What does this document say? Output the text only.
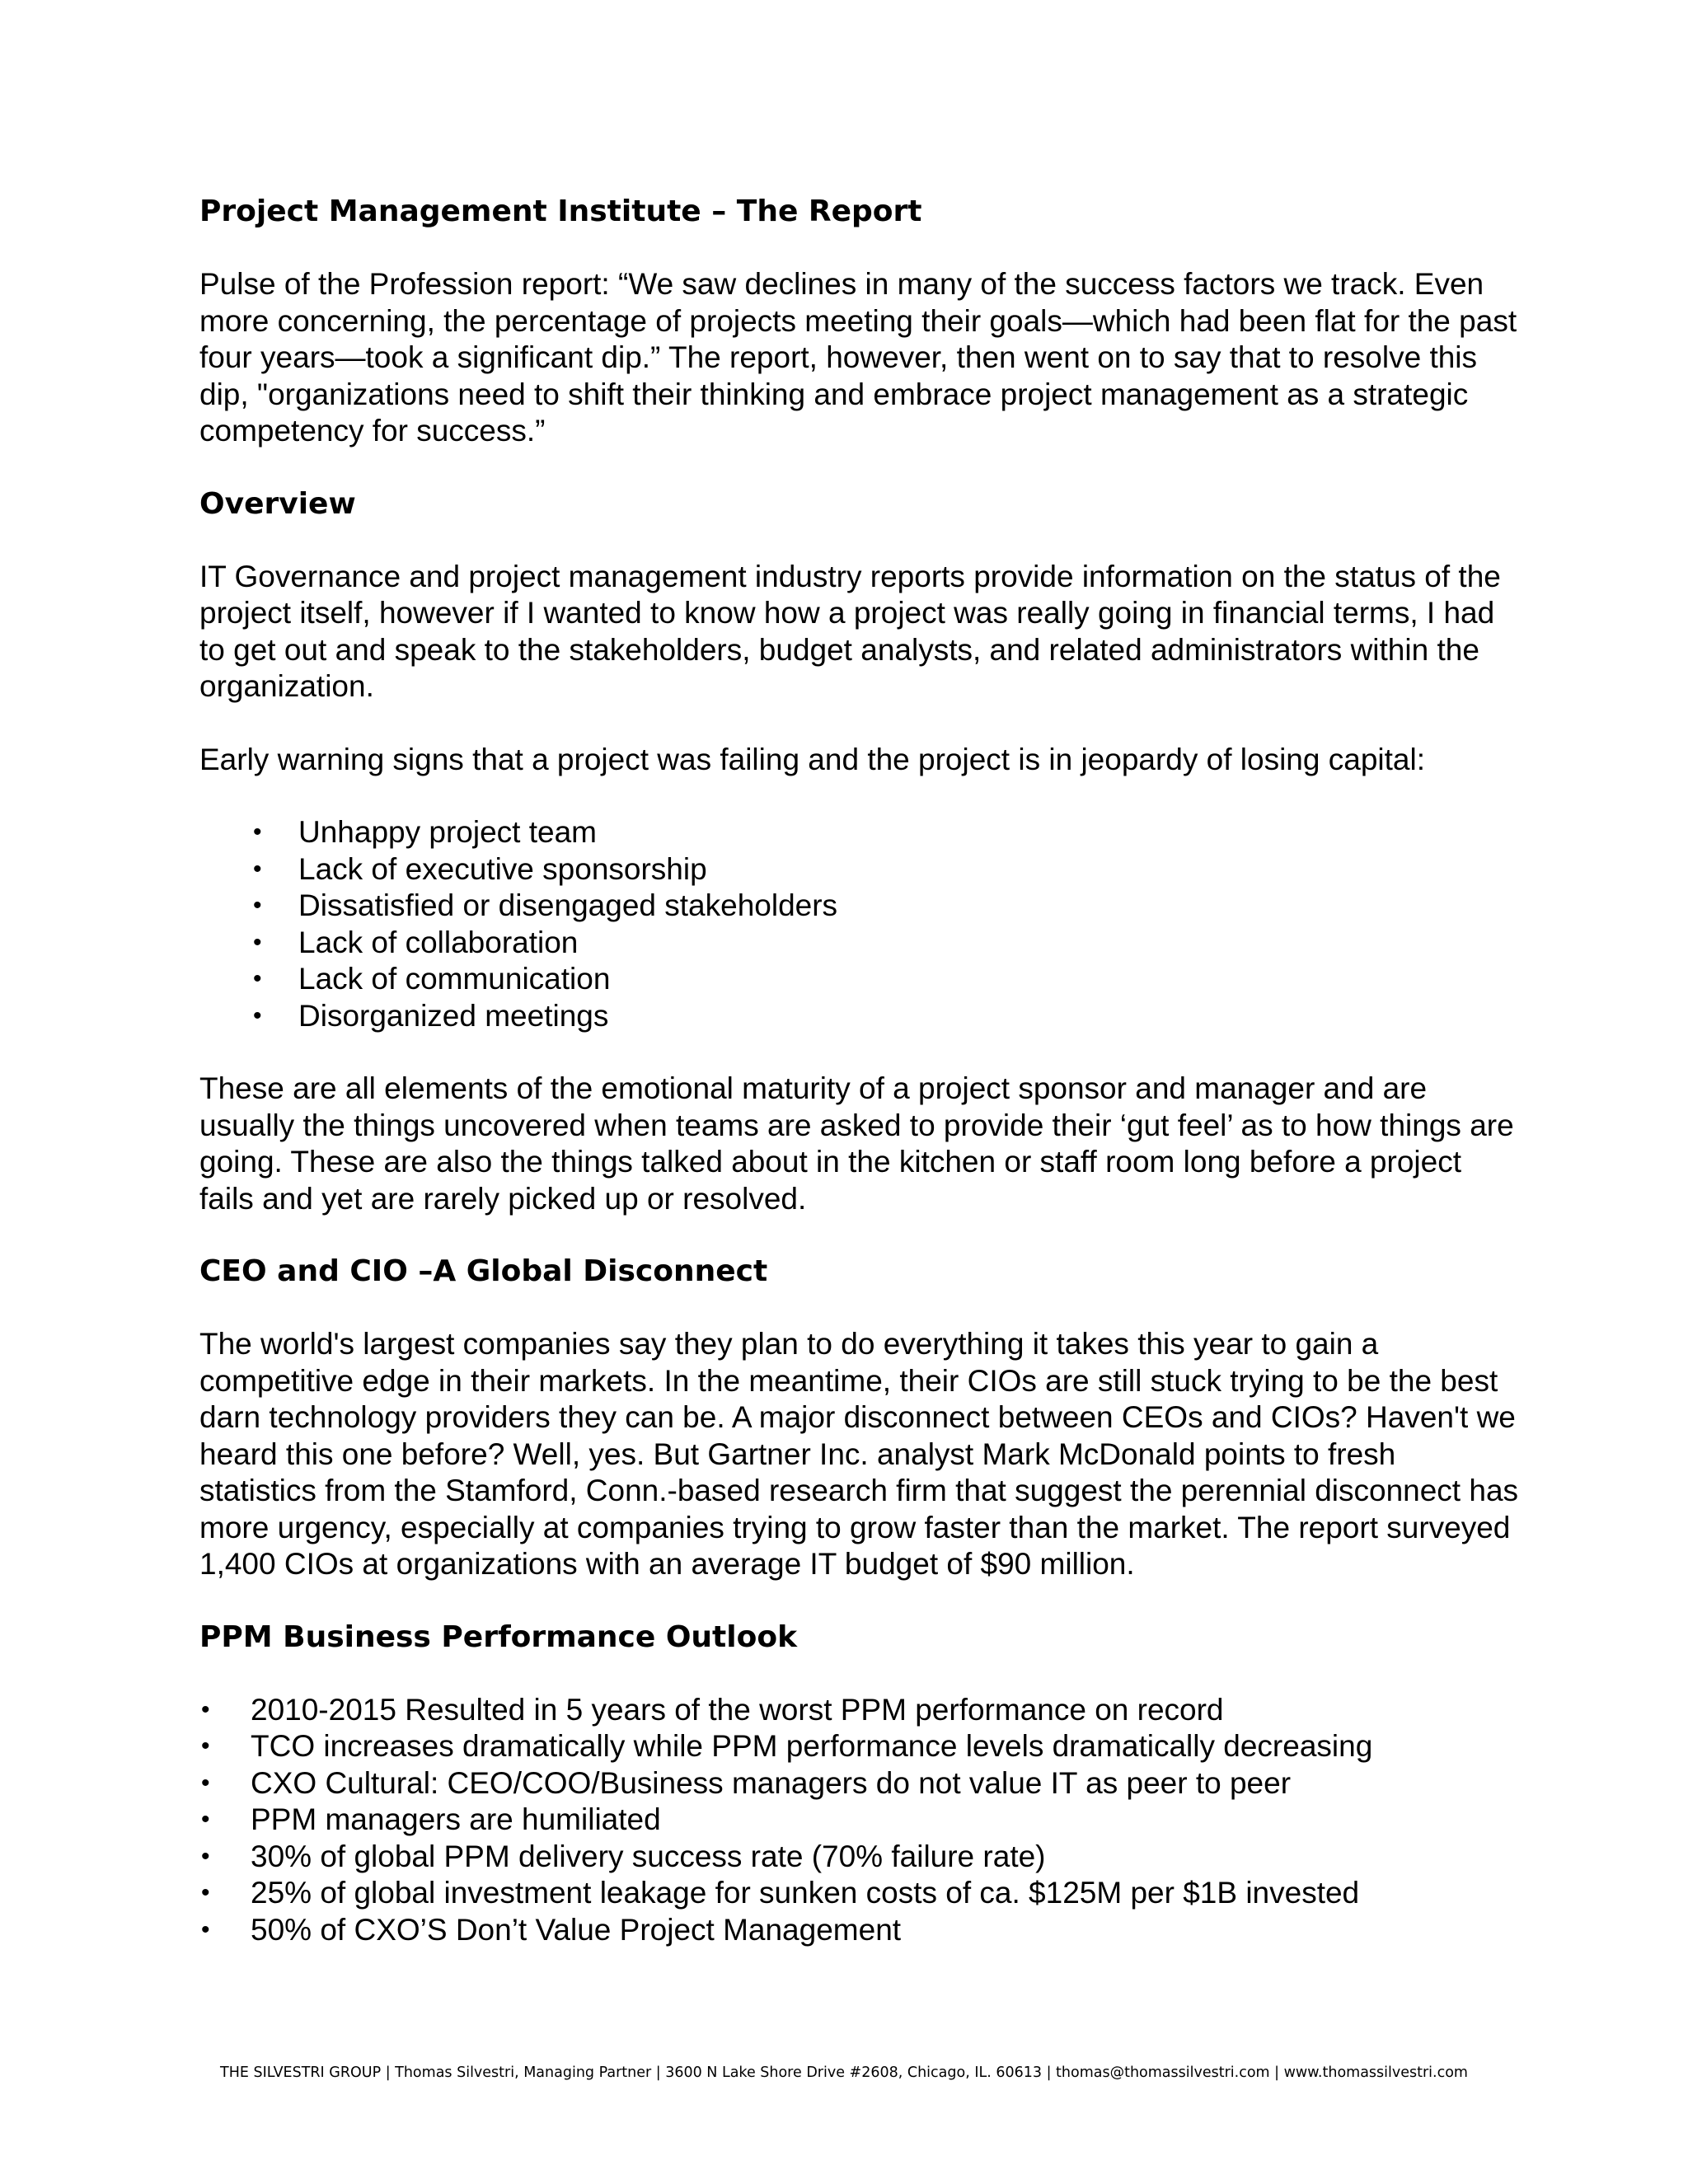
Project Management Institute – The Report

Pulse of the Profession report: “We saw declines in many of the success factors we track. Even more concerning, the percentage of projects meeting their goals—which had been flat for the past four years—took a significant dip.” The report, however, then went on to say that to resolve this dip, "organizations need to shift their thinking and embrace project management as a strategic competency for success.”

Overview

IT Governance and project management industry reports provide information on the status of the project itself, however if I wanted to know how a project was really going in financial terms, I had to get out and speak to the stakeholders, budget analysts, and related administrators within the organization.

Early warning signs that a project was failing and the project is in jeopardy of losing capital:

• Unhappy project team
• Lack of executive sponsorship
• Dissatisfied or disengaged stakeholders
• Lack of collaboration
• Lack of communication
• Disorganized meetings

These are all elements of the emotional maturity of a project sponsor and manager and are usually the things uncovered when teams are asked to provide their ‘gut feel’ as to how things are going. These are also the things talked about in the kitchen or staff room long before a project fails and yet are rarely picked up or resolved.

CEO and CIO –A Global Disconnect

The world's largest companies say they plan to do everything it takes this year to gain a competitive edge in their markets. In the meantime, their CIOs are still stuck trying to be the best darn technology providers they can be. A major disconnect between CEOs and CIOs? Haven't we heard this one before? Well, yes. But Gartner Inc. analyst Mark McDonald points to fresh statistics from the Stamford, Conn.-based research firm that suggest the perennial disconnect has more urgency, especially at companies trying to grow faster than the market. The report surveyed 1,400 CIOs at organizations with an average IT budget of $90 million.

PPM Business Performance Outlook
• 2010-2015 Resulted in 5 years of the worst PPM performance on record
• TCO increases dramatically while PPM performance levels dramatically decreasing
• CXO Cultural: CEO/COO/Business managers do not value IT as peer to peer
• PPM managers are humiliated
• 30% of global PPM delivery success rate (70% failure rate)
• 25% of global investment leakage for sunken costs of ca. $125M per $1B invested
• 50% of CXO’S Don’t Value Project Management
THE SILVESTRI GROUP | Thomas Silvestri, Managing Partner | 3600 N Lake Shore Drive #2608, Chicago, IL. 60613 | thomas@thomassilvestri.com | www.thomassilvestri.com
